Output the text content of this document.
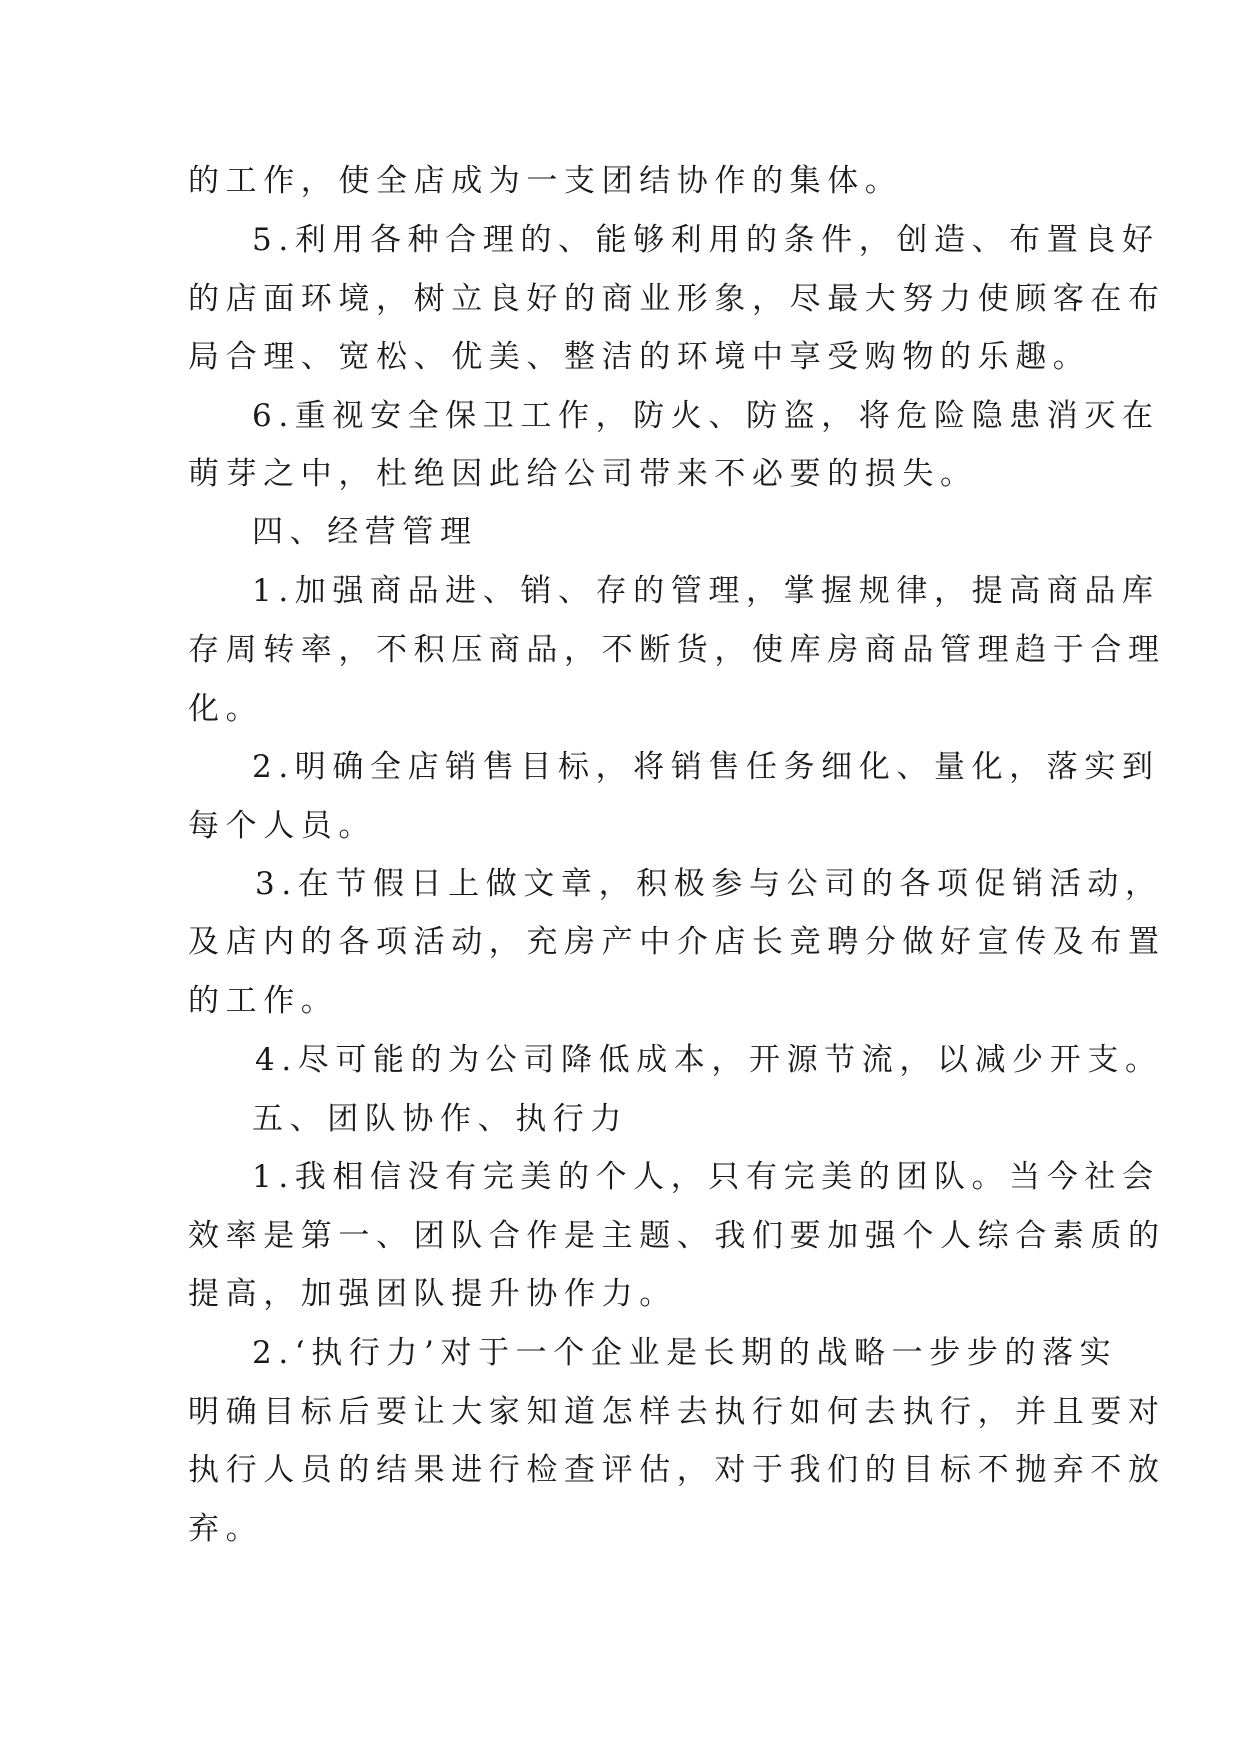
的工作，使全店成为一支团结协作的集体。
5.利用各种合理的、能够利用的条件，创造、布置良好
的店面环境，树立良好的商业形象，尽最大努力使顾客在布
局合理、宽松、优美、整洁的环境中享受购物的乐趣。
6.重视安全保卫工作，防火、防盗，将危险隐患消灭在
萌芽之中，杜绝因此给公司带来不必要的损失。
四、经营管理
1.加强商品进、销、存的管理，掌握规律，提高商品库
存周转率，不积压商品，不断货，使库房商品管理趋于合理
化。
2.明确全店销售目标，将销售任务细化、量化，落实到
每个人员。
3.在节假日上做文章，积极参与公司的各项促销活动，
及店内的各项活动，充房产中介店长竞聘分做好宣传及布置
的工作。
4.尽可能的为公司降低成本，开源节流，以减少开支。
五、团队协作、执行力
1.我相信没有完美的个人，只有完美的团队。当今社会
效率是第一、团队合作是主题、我们要加强个人综合素质的
提高，加强团队提升协作力。
2.‘执行力’对于一个企业是长期的战略一步步的落实
明确目标后要让大家知道怎样去执行如何去执行，并且要对
执行人员的结果进行检查评估，对于我们的目标不抛弃不放
弃。
